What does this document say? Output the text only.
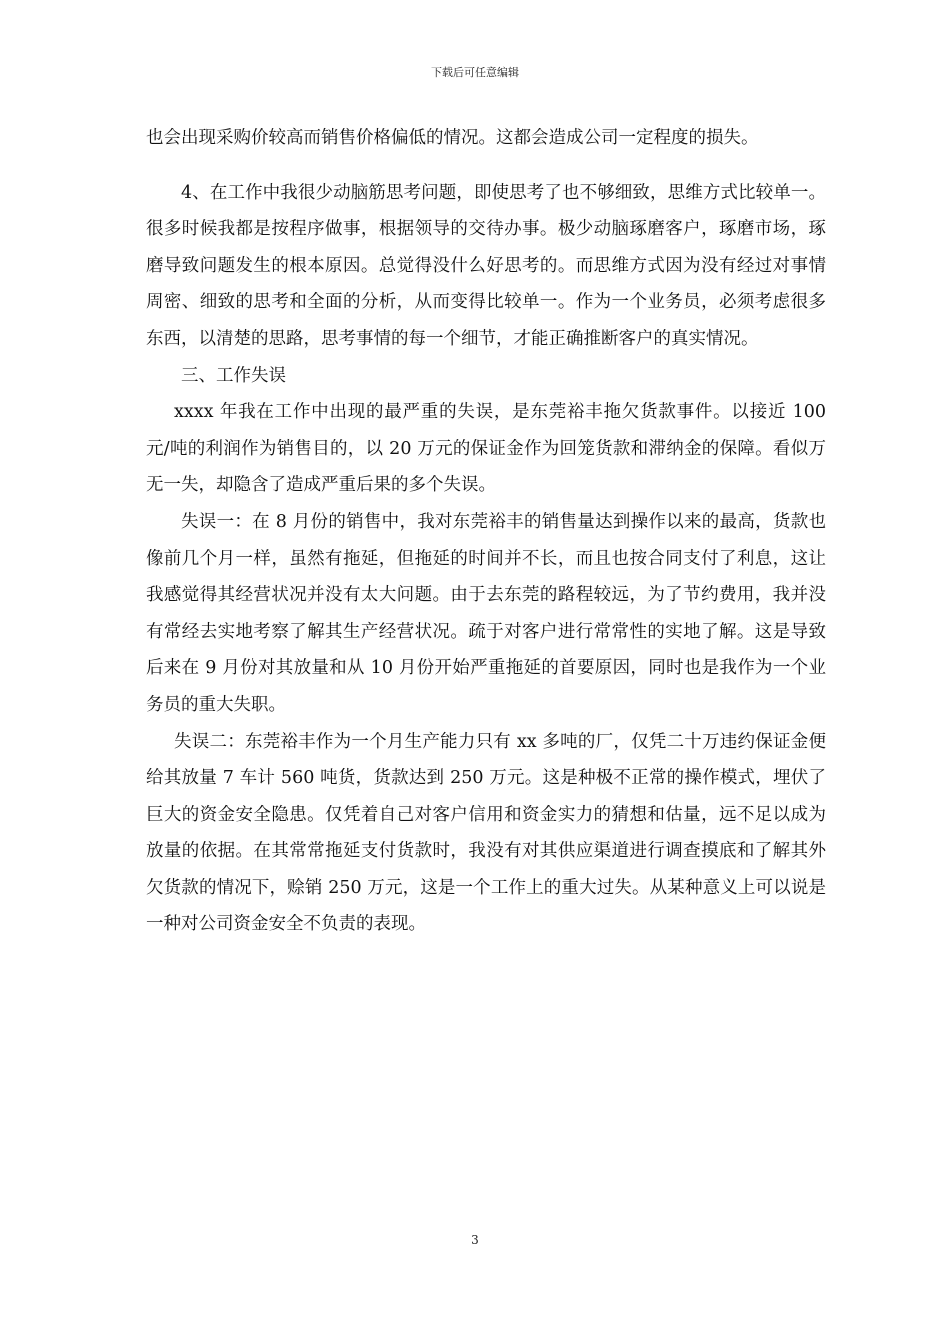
下载后可任意编辑

也会出现采购价较高而销售价格偏低的情况。这都会造成公司一定程度的损失。

4、在工作中我很少动脑筋思考问题，即使思考了也不够细致，思维方式比较单一。很多时候我都是按程序做事，根据领导的交待办事。极少动脑琢磨客户，琢磨市场，琢磨导致问题发生的根本原因。总觉得没什么好思考的。而思维方式因为没有经过对事情周密、细致的思考和全面的分析，从而变得比较单一。作为一个业务员，必须考虑很多东西，以清楚的思路，思考事情的每一个细节，才能正确推断客户的真实情况。

三、工作失误

xxxx 年我在工作中出现的最严重的失误，是东莞裕丰拖欠货款事件。以接近 100 元/吨的利润作为销售目的，以 20 万元的保证金作为回笼货款和滞纳金的保障。看似万无一失，却隐含了造成严重后果的多个失误。

失误一：在 8 月份的销售中，我对东莞裕丰的销售量达到操作以来的最高，货款也像前几个月一样，虽然有拖延，但拖延的时间并不长，而且也按合同支付了利息，这让我感觉得其经营状况并没有太大问题。由于去东莞的路程较远，为了节约费用，我并没有常经去实地考察了解其生产经营状况。疏于对客户进行常常性的实地了解。这是导致后来在 9 月份对其放量和从 10 月份开始严重拖延的首要原因，同时也是我作为一个业务员的重大失职。

失误二：东莞裕丰作为一个月生产能力只有 xx 多吨的厂，仅凭二十万违约保证金便给其放量 7 车计 560 吨货，货款达到 250 万元。这是种极不正常的操作模式，埋伏了巨大的资金安全隐患。仅凭着自己对客户信用和资金实力的猜想和估量，远不足以成为放量的依据。在其常常拖延支付货款时，我没有对其供应渠道进行调查摸底和了解其外欠货款的情况下，赊销 250 万元，这是一个工作上的重大过失。从某种意义上可以说是一种对公司资金安全不负责的表现。

3
